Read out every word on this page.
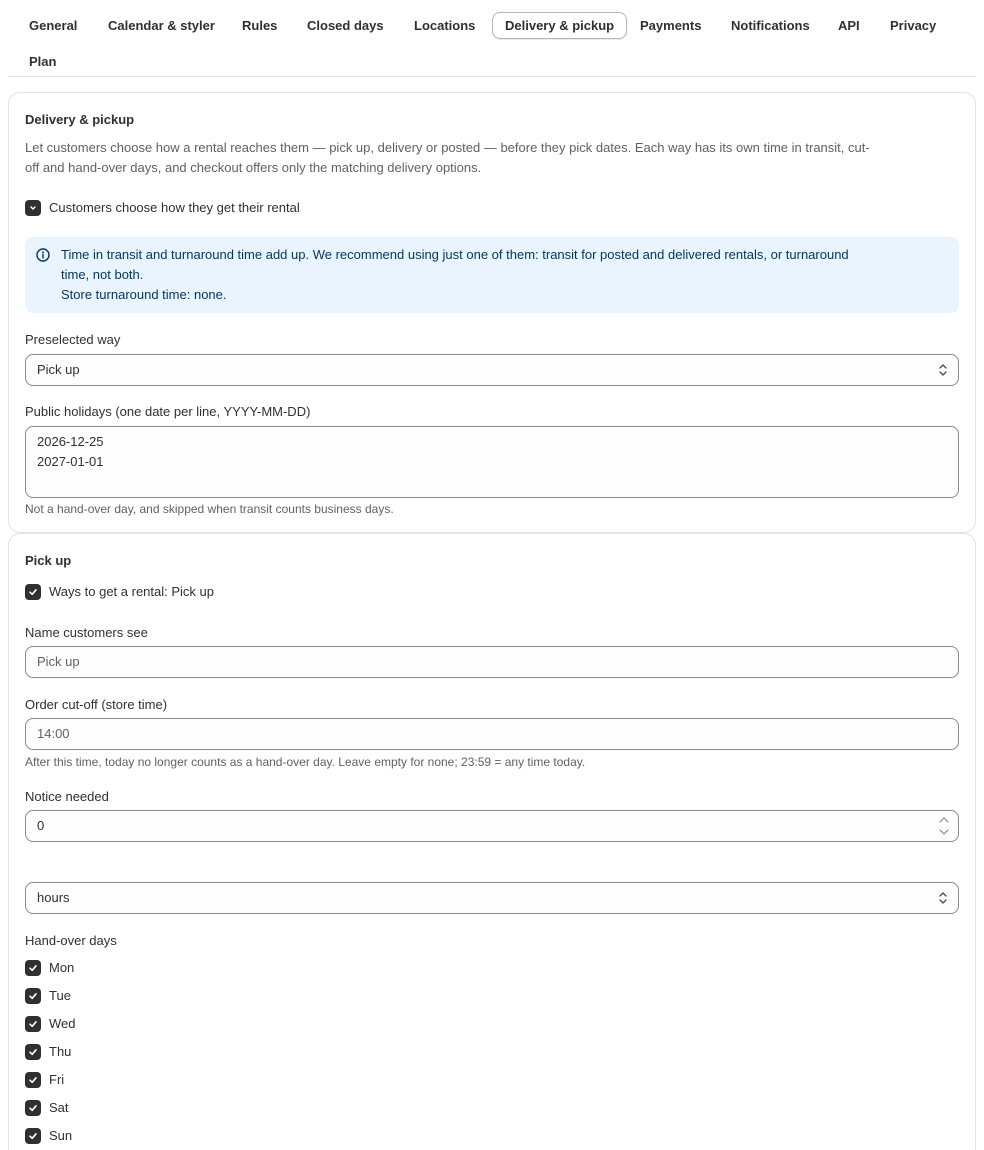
General	Calendar & styler	Rules	Closed days	Locations	Delivery & pickup	Payments	Notifications	API	Privacy
Plan
Delivery & pickup
Let customers choose how a rental reaches them — pick up, delivery or posted — before they pick dates. Each way has its own time in transit, cut-
off and hand-over days, and checkout offers only the matching delivery options.
Customers choose how they get their rental
Time in transit and turnaround time add up. We recommend using just one of them: transit for posted and delivered rentals, or turnaround
time, not both.
Store turnaround time: none.
Preselected way
Pick up
Public holidays (one date per line, YYYY-MM-DD)
2026-12-25
2027-01-01
Not a hand-over day, and skipped when transit counts business days.
Pick up
Ways to get a rental: Pick up
Name customers see
Pick up
Order cut-off (store time)
14:00
After this time, today no longer counts as a hand-over day. Leave empty for none; 23:59 = any time today.
Notice needed
0
hours
Hand-over days
Mon
Tue
Wed
Thu
Fri
Sat
Sun
